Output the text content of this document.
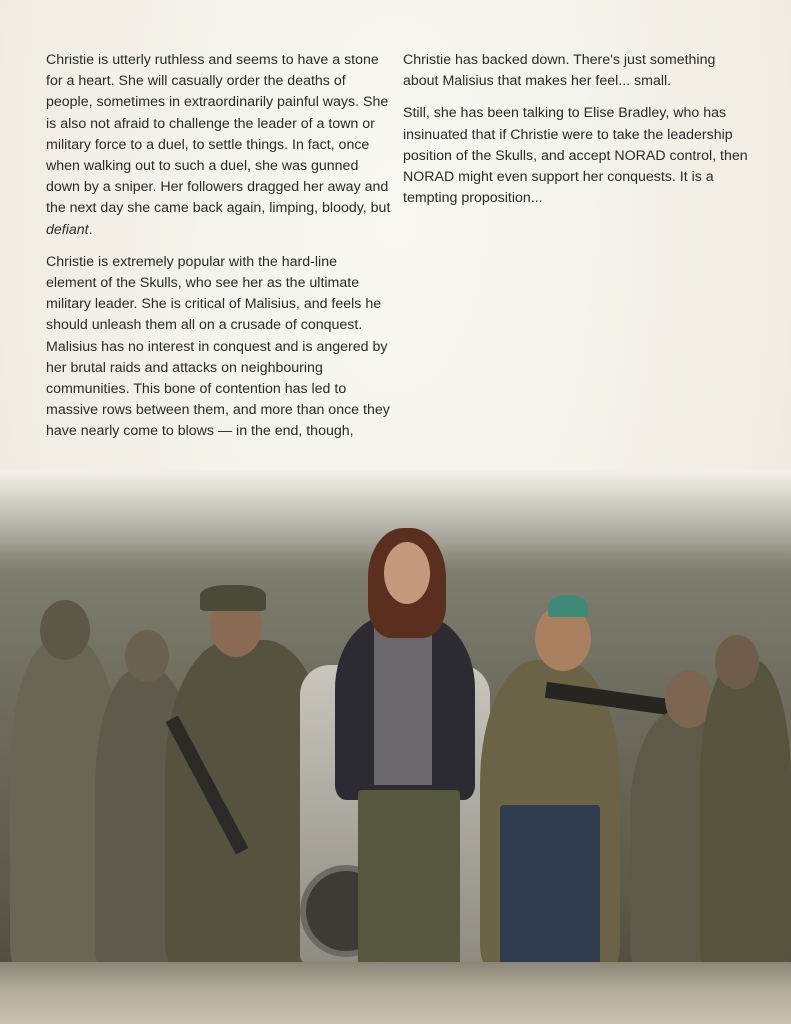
Christie is utterly ruthless and seems to have a stone for a heart. She will casually order the deaths of people, sometimes in extraordinarily painful ways. She is also not afraid to challenge the leader of a town or military force to a duel, to settle things. In fact, once when walking out to such a duel, she was gunned down by a sniper. Her followers dragged her away and the next day she came back again, limping, bloody, but defiant.

Christie is extremely popular with the hard-line element of the Skulls, who see her as the ultimate military leader. She is critical of Malisius, and feels he should unleash them all on a crusade of conquest. Malisius has no interest in conquest and is angered by her brutal raids and attacks on neighbouring communities. This bone of contention has led to massive rows between them, and more than once they have nearly come to blows — in the end, though,

Christie has backed down. There's just something about Malisius that makes her feel... small.

Still, she has been talking to Elise Bradley, who has insinuated that if Christie were to take the leadership position of the Skulls, and accept NORAD control, then NORAD might even support her conquests. It is a tempting proposition...
